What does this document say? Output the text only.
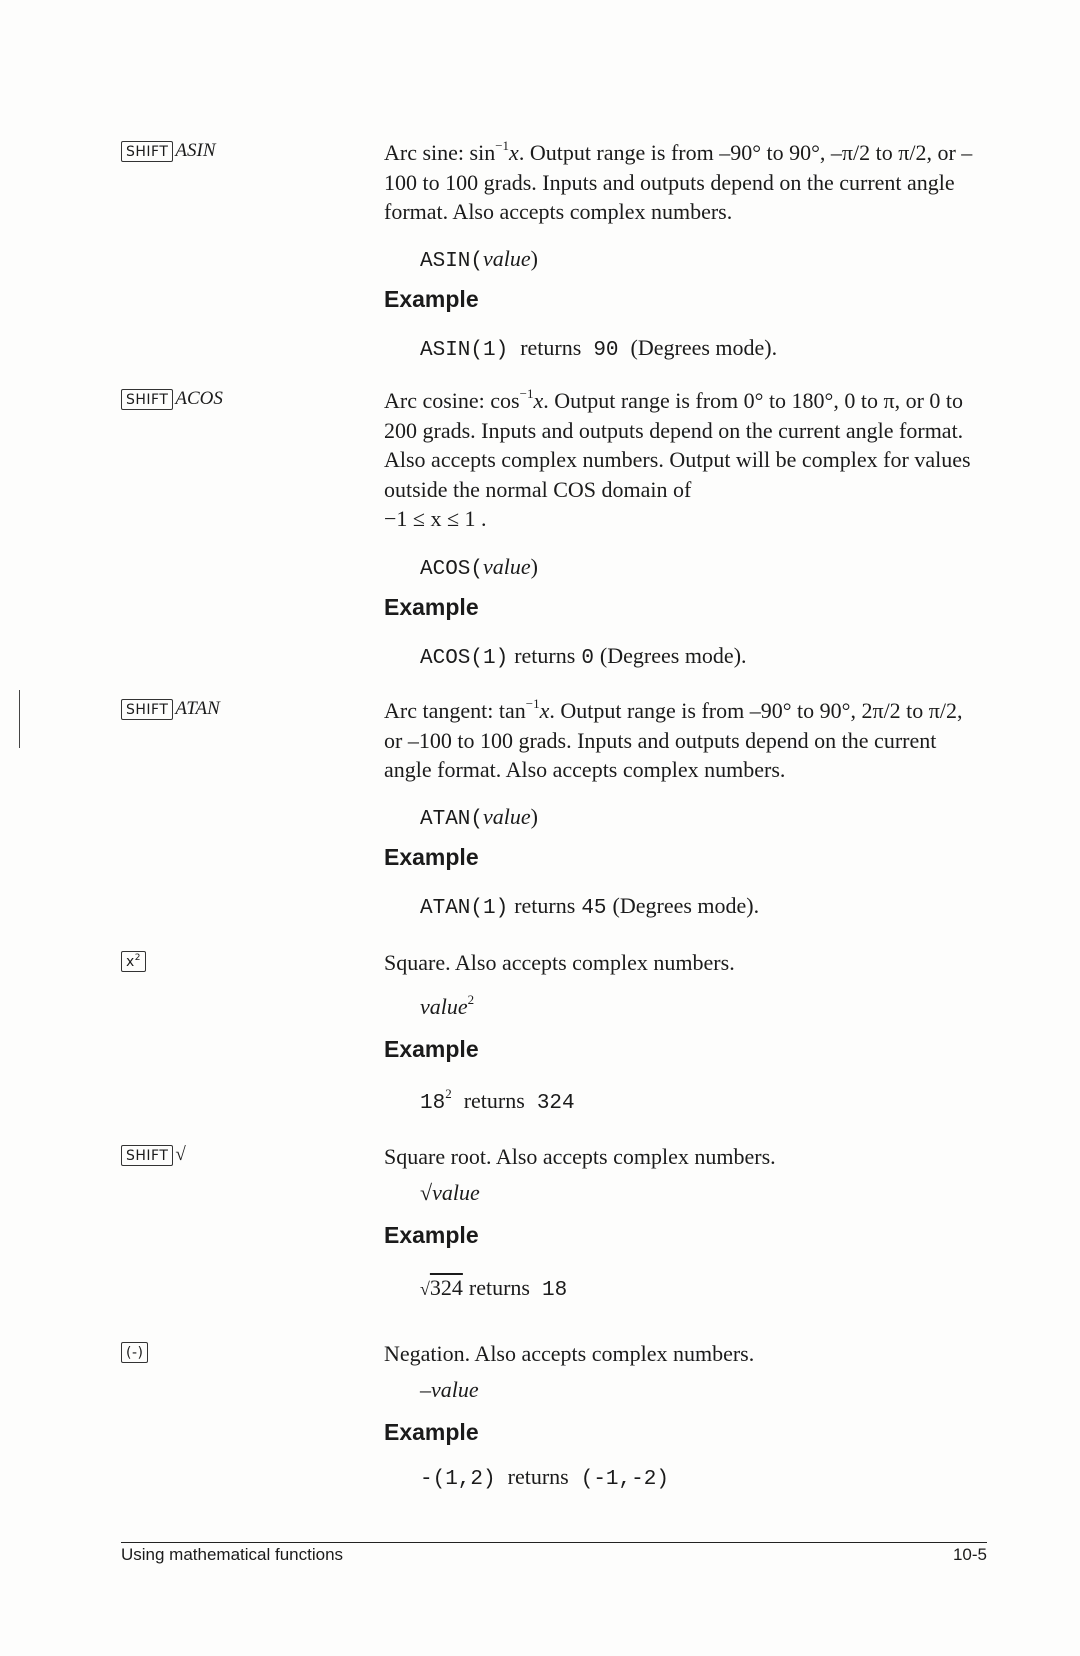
SHIFT ASIN	Arc sine: $\sin^{-1}x$. Output range is from –90° to 90°, –π/2 to π/2, or –100 to 100 grads. Inputs and outputs depend on the current angle format. Also accepts complex numbers.
ASIN(value)
Example
ASIN(1) returns 90 (Degrees mode).
SHIFT ACOS	Arc cosine: $\cos^{-1}x$. Output range is from 0° to 180°, 0 to π, or 0 to 200 grads. Inputs and outputs depend on the current angle format. Also accepts complex numbers. Output will be complex for values outside the normal COS domain of
−1 ≤ x ≤ 1 .
ACOS(value)
Example
ACOS(1) returns 0 (Degrees mode).
SHIFT ATAN	Arc tangent: $\tan^{-1}x$. Output range is from –90° to 90°, 2π/2 to π/2, or –100 to 100 grads. Inputs and outputs depend on the current angle format. Also accepts complex numbers.
ATAN(value)
Example
ATAN(1) returns 45 (Degrees mode).
$x^2$	Square. Also accepts complex numbers.
value$^2$
Example
$18^2$ returns 324
SHIFT √	Square root. Also accepts complex numbers.
√value
Example
√324 returns 18
(-)	Negation. Also accepts complex numbers.
–value
Example
-(1,2) returns (-1,-2)
Using mathematical functions	10-5
